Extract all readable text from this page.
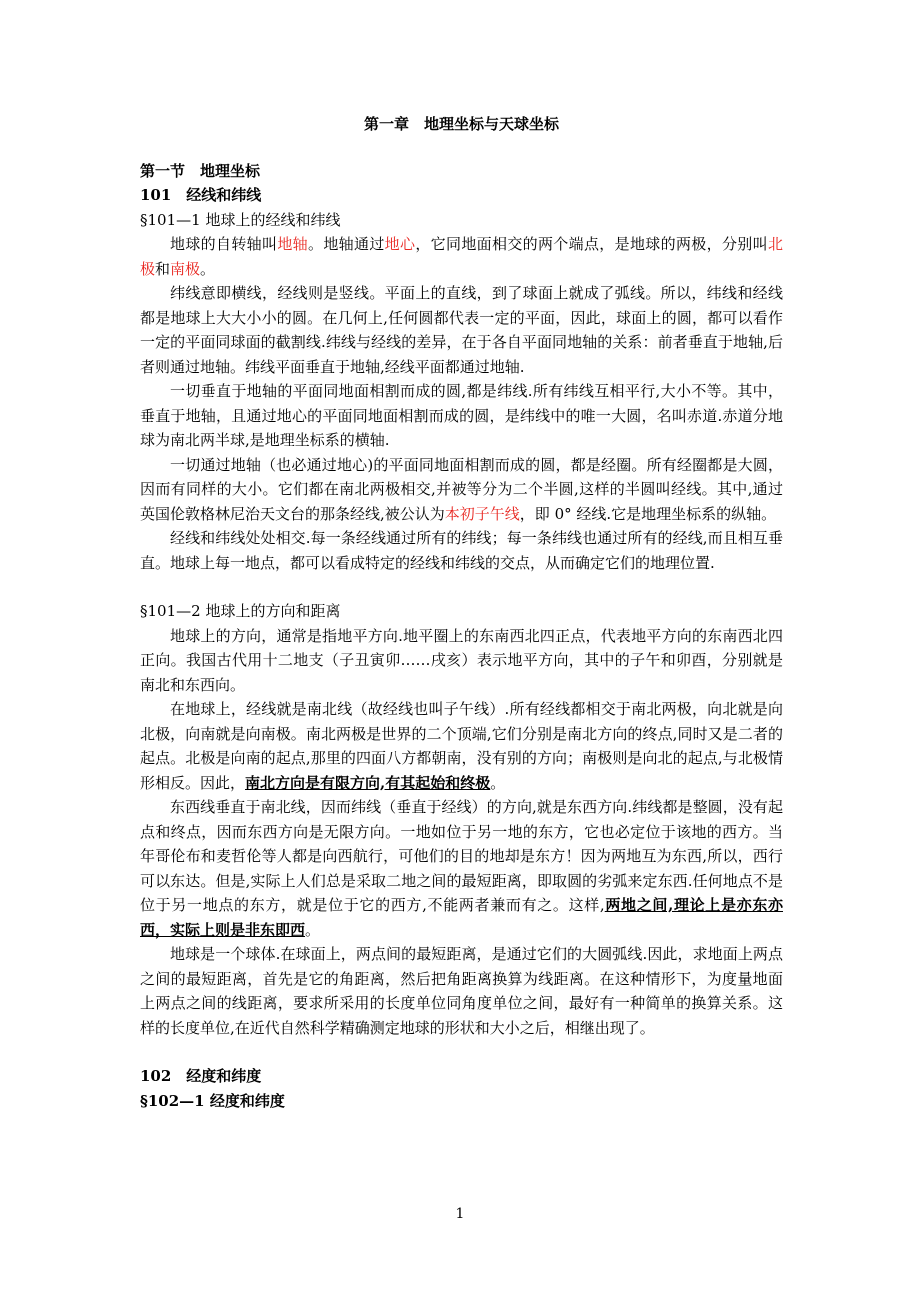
第一章　地理坐标与天球坐标

第一节　地理坐标

101　经线和纬线

§101—1 地球上的经线和纬线

地球的自转轴叫地轴。地轴通过地心，它同地面相交的两个端点，是地球的两极，分别叫北极和南极。

纬线意即横线，经线则是竖线。平面上的直线，到了球面上就成了弧线。所以，纬线和经线都是地球上大大小小的圆。在几何上,任何圆都代表一定的平面，因此，球面上的圆，都可以看作一定的平面同球面的截割线.纬线与经线的差异，在于各自平面同地轴的关系：前者垂直于地轴,后者则通过地轴。纬线平面垂直于地轴,经线平面都通过地轴.

一切垂直于地轴的平面同地面相割而成的圆,都是纬线.所有纬线互相平行,大小不等。其中，垂直于地轴，且通过地心的平面同地面相割而成的圆，是纬线中的唯一大圆，名叫赤道.赤道分地球为南北两半球,是地理坐标系的横轴.

一切通过地轴（也必通过地心)的平面同地面相割而成的圆，都是经圈。所有经圈都是大圆，因而有同样的大小。它们都在南北两极相交,并被等分为二个半圆,这样的半圆叫经线。其中,通过英国伦敦格林尼治天文台的那条经线,被公认为本初子午线，即 0° 经线.它是地理坐标系的纵轴。

经线和纬线处处相交.每一条经线通过所有的纬线；每一条纬线也通过所有的经线,而且相互垂直。地球上每一地点，都可以看成特定的经线和纬线的交点，从而确定它们的地理位置.

§101—2 地球上的方向和距离

地球上的方向，通常是指地平方向.地平圈上的东南西北四正点，代表地平方向的东南西北四正向。我国古代用十二地支（子丑寅卯……戌亥）表示地平方向，其中的子午和卯酉，分别就是南北和东西向。

在地球上，经线就是南北线（故经线也叫子午线）.所有经线都相交于南北两极，向北就是向北极，向南就是向南极。南北两极是世界的二个顶端,它们分别是南北方向的终点,同时又是二者的起点。北极是向南的起点,那里的四面八方都朝南，没有别的方向；南极则是向北的起点,与北极情形相反。因此，南北方向是有限方向,有其起始和终极。

东西线垂直于南北线，因而纬线（垂直于经线）的方向,就是东西方向.纬线都是整圆，没有起点和终点，因而东西方向是无限方向。一地如位于另一地的东方，它也必定位于该地的西方。当年哥伦布和麦哲伦等人都是向西航行，可他们的目的地却是东方！因为两地互为东西,所以，西行可以东达。但是,实际上人们总是采取二地之间的最短距离，即取圆的劣弧来定东西.任何地点不是位于另一地点的东方，就是位于它的西方,不能两者兼而有之。这样,两地之间,理论上是亦东亦西，实际上则是非东即西。

地球是一个球体.在球面上，两点间的最短距离，是通过它们的大圆弧线.因此，求地面上两点之间的最短距离，首先是它的角距离，然后把角距离换算为线距离。在这种情形下，为度量地面上两点之间的线距离，要求所采用的长度单位同角度单位之间，最好有一种简单的换算关系。这样的长度单位,在近代自然科学精确测定地球的形状和大小之后，相继出现了。

102　经度和纬度

§102—1 经度和纬度

1
